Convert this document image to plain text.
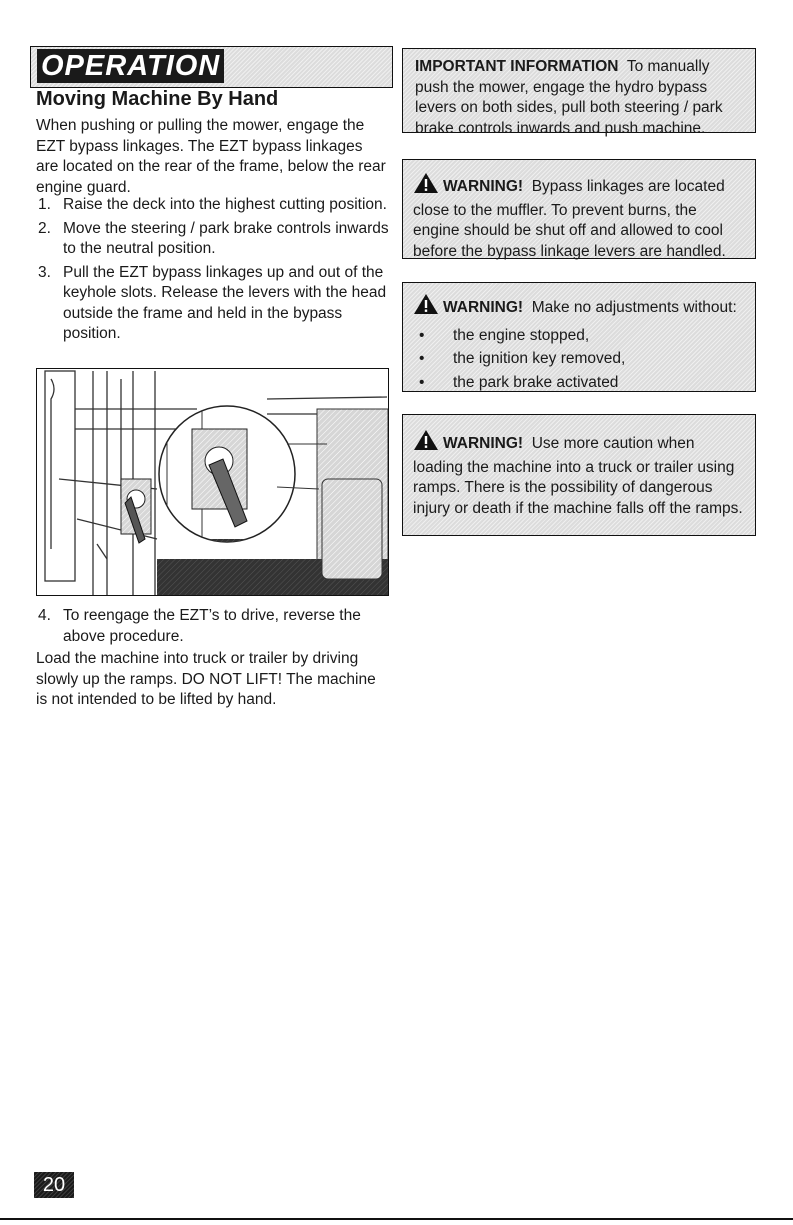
OPERATION
Moving Machine By Hand
When pushing or pulling the mower, engage the EZT bypass linkages. The EZT bypass linkages are located on the rear of the frame, below the rear engine guard.
1. Raise the deck into the highest cutting position.
2. Move the steering / park brake controls inwards to the neutral position.
3. Pull the EZT bypass linkages up and out of the keyhole slots. Release the levers with the head outside the frame and held in the bypass position.
4. To reengage the EZT’s to drive, reverse the above procedure.
Load the machine into truck or trailer by driving slowly up the ramps. DO NOT LIFT! The machine is not intended to be lifted by hand.
IMPORTANT INFORMATION To manually push the mower, engage the hydro bypass levers on both sides, pull both steering / park brake controls inwards and push machine.
WARNING! Bypass linkages are located close to the muffler. To prevent burns, the engine should be shut off and allowed to cool before the bypass linkage levers are handled.
WARNING! Make no adjustments without:
• the engine stopped,
• the ignition key removed,
• the park brake activated
WARNING! Use more caution when loading the machine into a truck or trailer using ramps. There is the possibility of dangerous injury or death if the machine falls off the ramps.
20
